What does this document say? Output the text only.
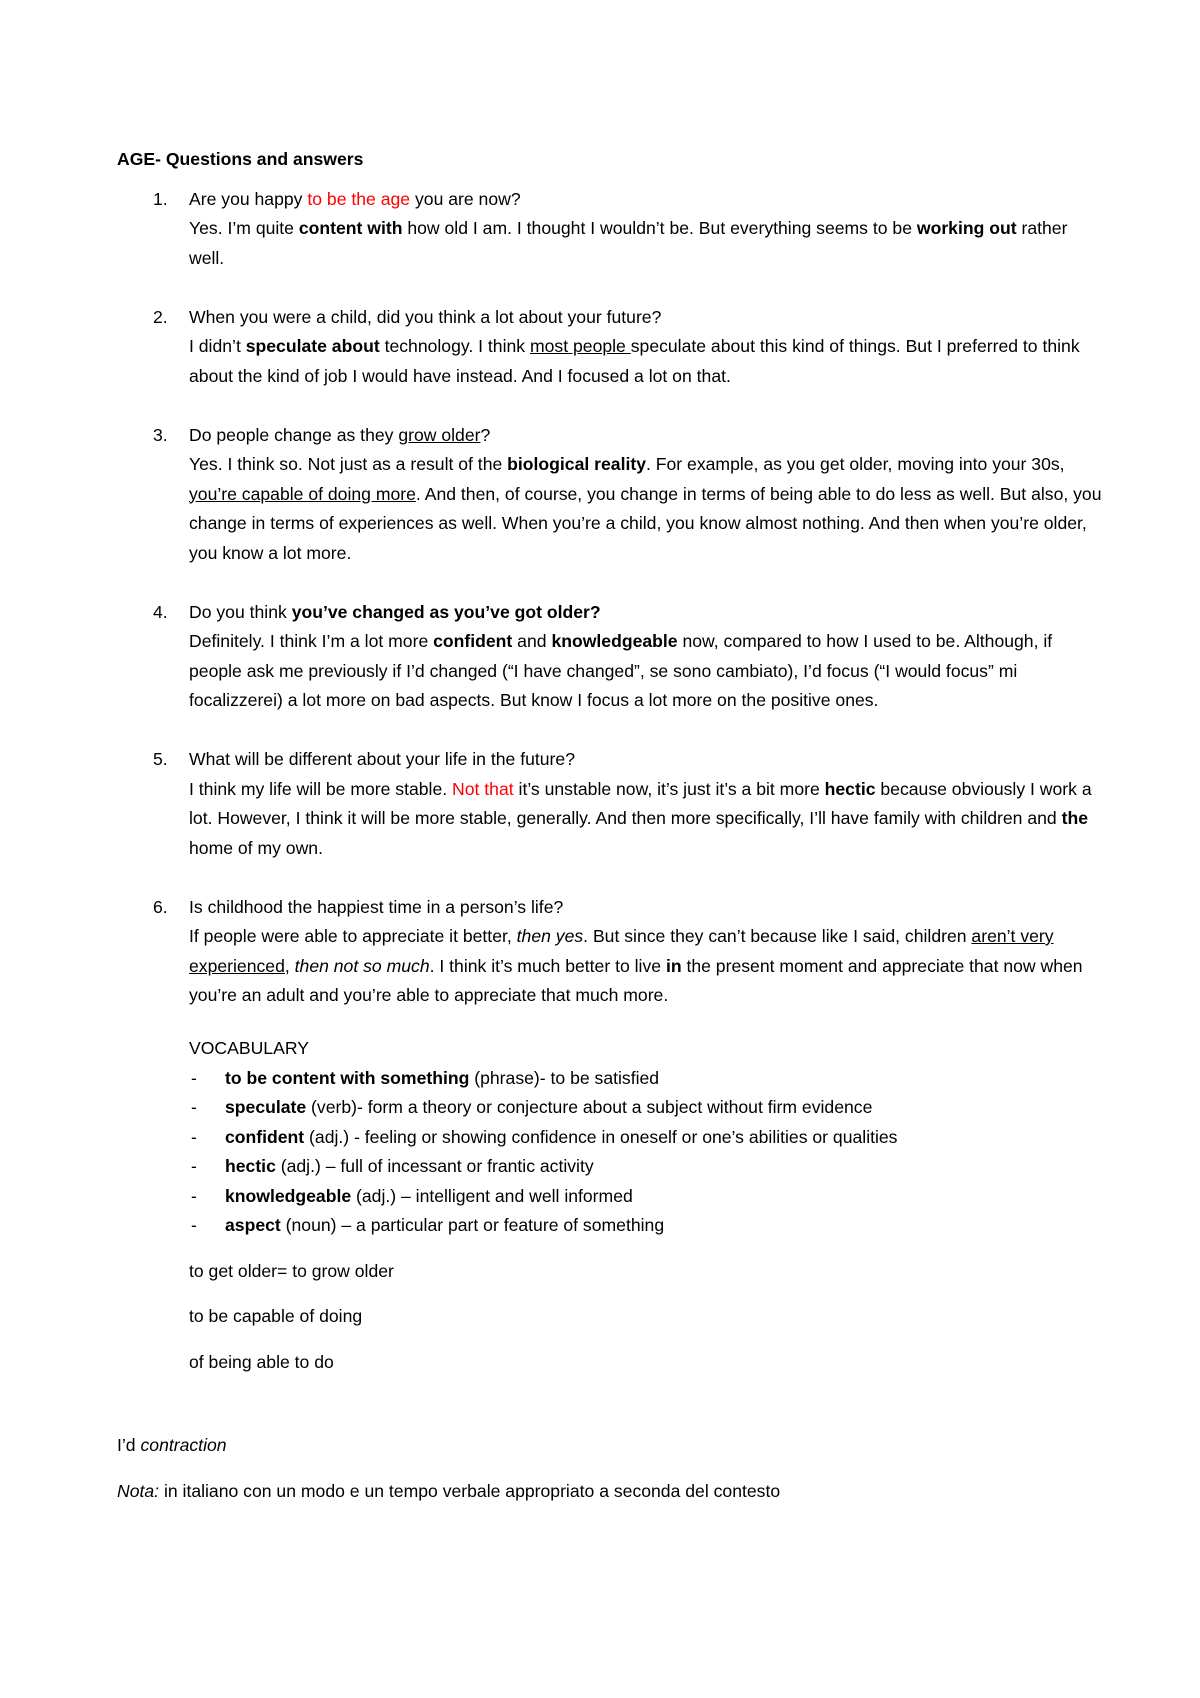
AGE- Questions and answers
1. Are you happy to be the age you are now?
Yes. I’m quite content with how old I am. I thought I wouldn’t be. But everything seems to be working out rather well.
2. When you were a child, did you think a lot about your future?
I didn’t speculate about technology. I think most people speculate about this kind of things. But I preferred to think about the kind of job I would have instead. And I focused a lot on that.
3. Do people change as they grow older?
Yes. I think so. Not just as a result of the biological reality. For example, as you get older, moving into your 30s, you’re capable of doing more. And then, of course, you change in terms of being able to do less as well. But also, you change in terms of experiences as well. When you’re a child, you know almost nothing. And then when you’re older, you know a lot more.
4. Do you think you’ve changed as you’ve got older?
Definitely. I think I’m a lot more confident and knowledgeable now, compared to how I used to be. Although, if people ask me previously if I’d changed (“I have changed”, se sono cambiato), I’d focus (“I would focus” mi focalizzerei) a lot more on bad aspects. But know I focus a lot more on the positive ones.
5. What will be different about your life in the future?
I think my life will be more stable. Not that it’s unstable now, it’s just it’s a bit more hectic because obviously I work a lot. However, I think it will be more stable, generally. And then more specifically, I’ll have family with children and the home of my own.
6. Is childhood the happiest time in a person’s life?
If people were able to appreciate it better, then yes. But since they can’t because like I said, children aren’t very experienced, then not so much. I think it’s much better to live in the present moment and appreciate that now when you’re an adult and you’re able to appreciate that much more.
VOCABULARY
- to be content with something (phrase)- to be satisfied
- speculate (verb)- form a theory or conjecture about a subject without firm evidence
- confident (adj.) - feeling or showing confidence in oneself or one’s abilities or qualities
- hectic (adj.) – full of incessant or frantic activity
- knowledgeable (adj.) – intelligent and well informed
- aspect (noun) – a particular part or feature of something
to get older= to grow older
to be capable of doing
of being able to do
I’d contraction
Nota: in italiano con un modo e un tempo verbale appropriato a seconda del contesto
